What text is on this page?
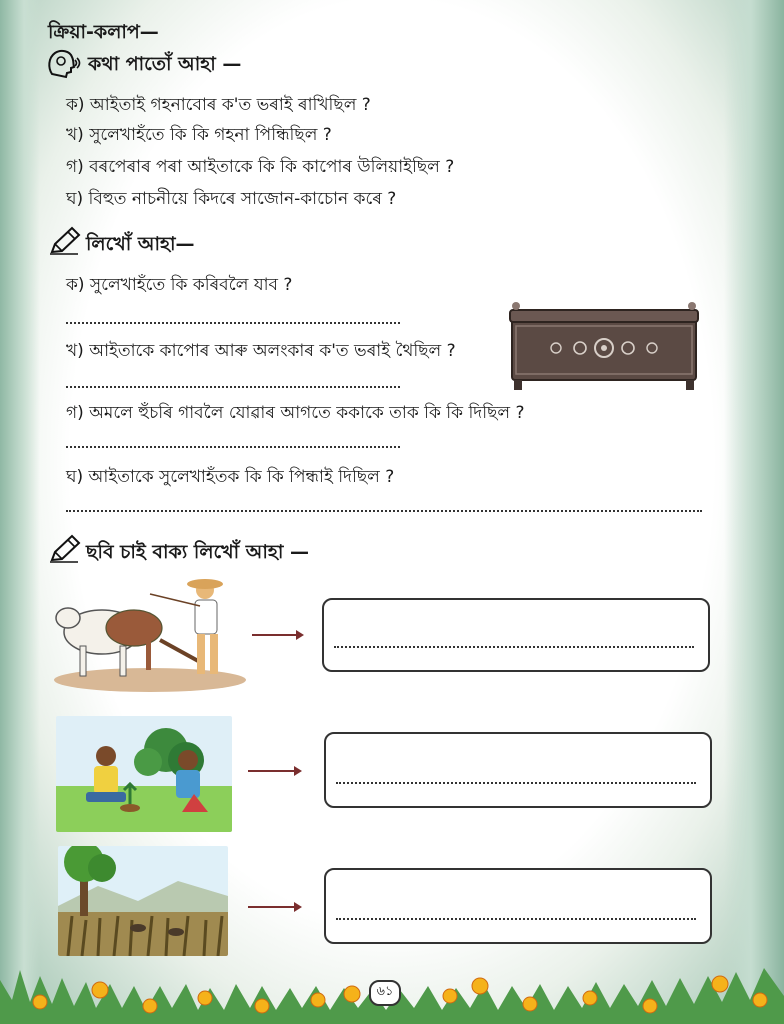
ক্ৰিয়া-কলাপ—
কথা পাতোঁ আহা —
ক) আইতাই গহনাবোৰ ক'ত ভৰাই ৰাখিছিল ?
খ) সুলেখাহঁতে কি কি গহনা পিন্ধিছিল ?
গ) বৰপেৰাৰ পৰা আইতাকে কি কি কাপোৰ উলিয়াইছিল ?
ঘ) বিহুত নাচনীয়ে কিদৰে সাজোন-কাচোন কৰে ?
লিখোঁ আহা—
ক) সুলেখাহঁতে কি কৰিবলৈ যাব ?
খ) আইতাকে কাপোৰ আৰু অলংকাৰ ক'ত ভৰাই থৈছিল ?
গ) অমলে হুঁচৰি গাবলৈ যোৱাৰ আগতে ককাকে তাক কি কি দিছিল ?
ঘ) আইতাকে সুলেখাহঁতক কি কি পিন্ধাই দিছিল ?
ছবি চাই বাক্য লিখোঁ আহা —
৬১
